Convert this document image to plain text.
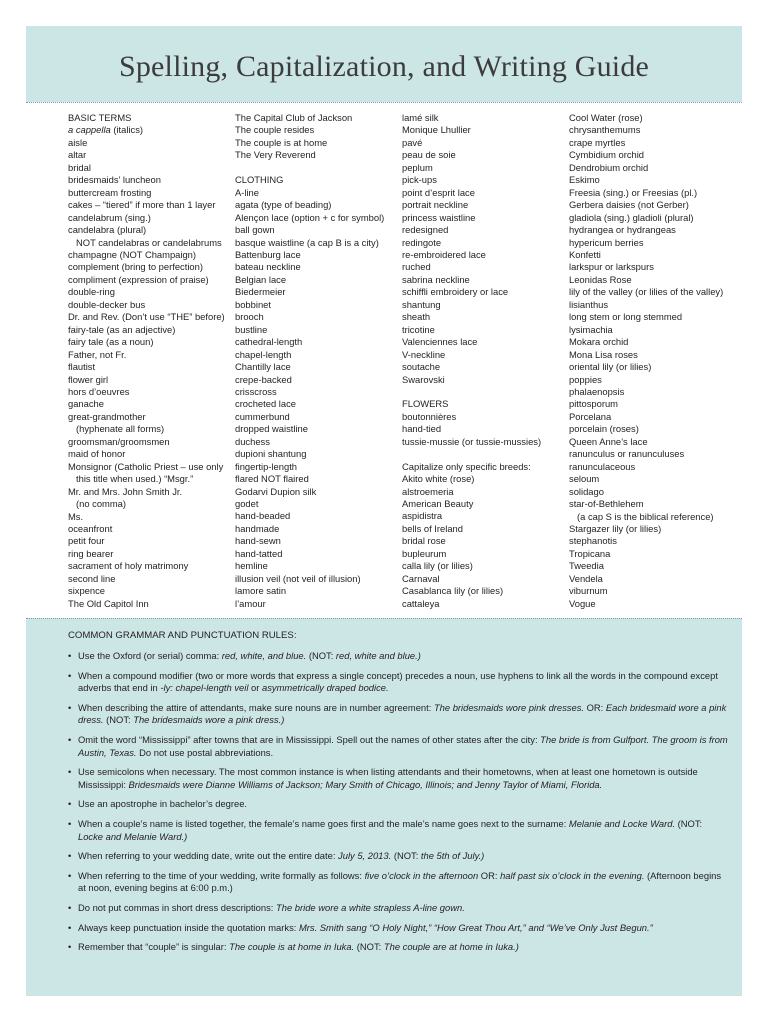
Spelling, Capitalization, and Writing Guide
BASIC TERMS
a cappella (italics)
aisle
altar
bridal
bridesmaids’ luncheon
buttercream frosting
cakes – “tiered” if more than 1 layer
candelabrum (sing.)
candelabra (plural)
NOT candelabras or candelabrums
champagne (NOT Champaign)
complement (bring to perfection)
compliment (expression of praise)
double-ring
double-decker bus
Dr. and Rev. (Don’t use “THE” before)
fairy-tale (as an adjective)
fairy tale (as a noun)
Father, not Fr.
flautist
flower girl
hors d’oeuvres
ganache
great-grandmother
(hyphenate all forms)
groomsman/groomsmen
maid of honor
Monsignor (Catholic Priest – use only
this title when used.) “Msgr.”
Mr. and Mrs. John Smith Jr.
(no comma)
Ms.
oceanfront
petit four
ring bearer
sacrament of holy matrimony
second line
sixpence
The Old Capitol Inn
The Capital Club of Jackson
The couple resides
The couple is at home
The Very Reverend
CLOTHING
A-line
agata (type of beading)
Alençon lace (option + c for symbol)
ball gown
basque waistline (a cap B is a city)
Battenburg lace
bateau neckline
Belgian lace
Biedermeier
bobbinet
brooch
bustline
cathedral-length
chapel-length
Chantilly lace
crepe-backed
crisscross
crocheted lace
cummerbund
dropped waistline
duchess
dupioni shantung
fingertip-length
flared NOT flaired
Godarvi Dupion silk
godet
hand-beaded
handmade
hand-sewn
hand-tatted
hemline
illusion veil (not veil of illusion)
lamore satin
l’amour
lamé silk
Monique Lhullier
pavé
peau de soie
peplum
pick-ups
point d’esprit lace
portrait neckline
princess waistline
redesigned
redingote
re-embroidered lace
ruched
sabrina neckline
schiffli embroidery or lace
shantung
sheath
tricotine
Valenciennes lace
V-neckline
soutache
Swarovski
FLOWERS
boutonnières
hand-tied
tussie-mussie (or tussie-mussies)
Capitalize only specific breeds:
Akito white (rose)
alstroemeria
American Beauty
aspidistra
bells of Ireland
bridal rose
bupleurum
calla lily (or lilies)
Carnaval
Casablanca lily (or lilies)
cattaleya
Cool Water (rose)
chrysanthemums
crape myrtles
Cymbidium orchid
Dendrobium orchid
Eskimo
Freesia (sing.) or Freesias (pl.)
Gerbera daisies (not Gerber)
gladiola (sing.) gladioli (plural)
hydrangea or hydrangeas
hypericum berries
Konfetti
larkspur or larkspurs
Leonidas Rose
lily of the valley (or lilies of the valley)
lisianthus
long stem or long stemmed
lysimachia
Mokara orchid
Mona Lisa roses
oriental lily (or lilies)
poppies
phalaenopsis
pittosporum
Porcelana
porcelain (roses)
Queen Anne’s lace
ranunculus or ranunculuses
ranunculaceous
seloum
solidago
star-of-Bethlehem
(a cap S is the biblical reference)
Stargazer lily (or lilies)
stephanotis
Tropicana
Tweedia
Vendela
viburnum
Vogue
COMMON GRAMMAR AND PUNCTUATION RULES:
• Use the Oxford (or serial) comma: red, white, and blue. (NOT: red, white and blue.)
• When a compound modifier (two or more words that express a single concept) precedes a noun, use hyphens to link all the words in the compound except adverbs that end in -ly: chapel-length veil or asymmetrically draped bodice.
• When describing the attire of attendants, make sure nouns are in number agreement: The bridesmaids wore pink dresses. OR: Each bridesmaid wore a pink dress. (NOT: The bridesmaids wore a pink dress.)
• Omit the word “Mississippi” after towns that are in Mississippi. Spell out the names of other states after the city: The bride is from Gulfport. The groom is from Austin, Texas. Do not use postal abbreviations.
• Use semicolons when necessary. The most common instance is when listing attendants and their hometowns, when at least one hometown is outside Mississippi: Bridesmaids were Dianne Williams of Jackson; Mary Smith of Chicago, Illinois; and Jenny Taylor of Miami, Florida.
• Use an apostrophe in bachelor’s degree.
• When a couple’s name is listed together, the female’s name goes first and the male’s name goes next to the surname: Melanie and Locke Ward. (NOT: Locke and Melanie Ward.)
• When referring to your wedding date, write out the entire date: July 5, 2013. (NOT: the 5th of July.)
• When referring to the time of your wedding, write formally as follows: five o’clock in the afternoon OR: half past six o’clock in the evening. (Afternoon begins at noon, evening begins at 6:00 p.m.)
• Do not put commas in short dress descriptions: The bride wore a white strapless A-line gown.
• Always keep punctuation inside the quotation marks: Mrs. Smith sang “O Holy Night,” “How Great Thou Art,” and “We’ve Only Just Begun.”
• Remember that “couple” is singular: The couple is at home in Iuka. (NOT: The couple are at home in Iuka.)
